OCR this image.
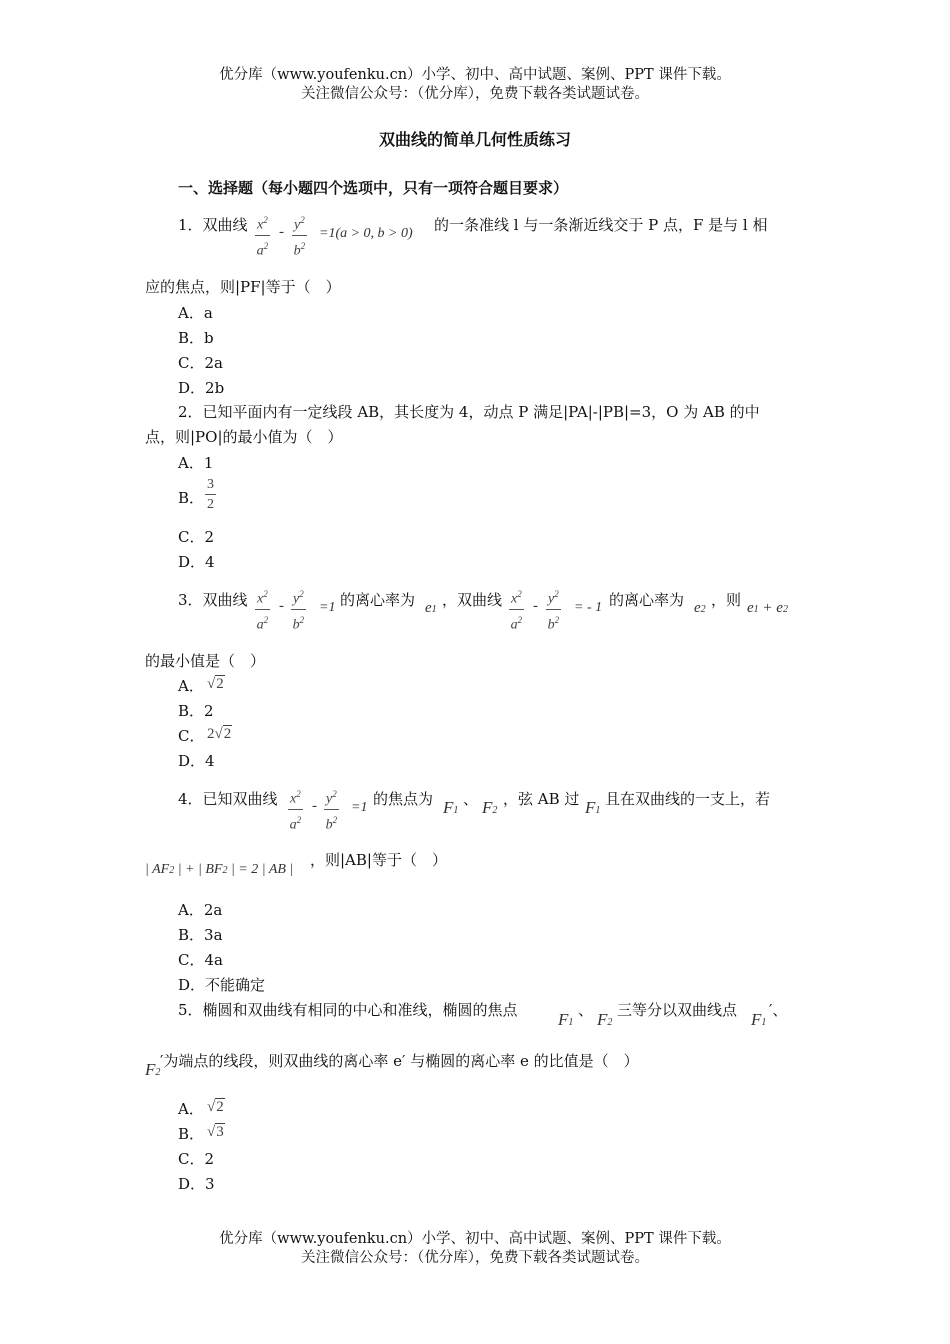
优分库（www.youfenku.cn）小学、初中、高中试题、案例、PPT 课件下载。
关注微信公众号：（优分库），免费下载各类试题试卷。
双曲线的简单几何性质练习
一、选择题（每小题四个选项中，只有一项符合题目要求）
1．双曲线 $\frac{x^2}{a^2} - \frac{y^2}{b^2} =1(a > 0$, b > 0) 的一条准线 l 与一条渐近线交于 P 点，F 是与 l 相
应的焦点，则|PF|等于（　）
A．a
B．b
C．2a
D．2b
2．已知平面内有一定线段 AB，其长度为 4，动点 P 满足|PA|-|PB|=3，O 为 AB 的中
点，则|PO|的最小值为（　）
A．1
B． $\frac{3}{2}$
C．2
D．4
3．双曲线 $\frac{x^2}{a^2} - \frac{y^2}{b^2} =1$ 的离心率为 e1
，双曲线 $\frac{x^2}{a^2} - \frac{y^2}{b^2}$ = - 1 的离心率为 e2
，则 e1 + e2
的最小值是（　）
A． √2
B．2
C． 2√2
D．4
4．已知双曲线 $\frac{x^2}{a^2} - \frac{y^2}{b^2} =1$ 的焦点为 F1
、 F2
，弦 AB 过 F1
且在双曲线的一支上，若
| AF2 | + | BF2 | = 2 | AB |
，则|AB|等于（　）
A．2a
B．3a
C．4a
D．不能确定
5．椭圆和双曲线有相同的中心和准线，椭圆的焦点 F1
、 F2
三等分以双曲线点 F1
′、
F2
′为端点的线段，则双曲线的离心率 e′ 与椭圆的离心率 e 的比值是（　）
A． √2
B． √3
C．2
D．3
优分库（www.youfenku.cn）小学、初中、高中试题、案例、PPT 课件下载。
关注微信公众号：（优分库），免费下载各类试题试卷。
